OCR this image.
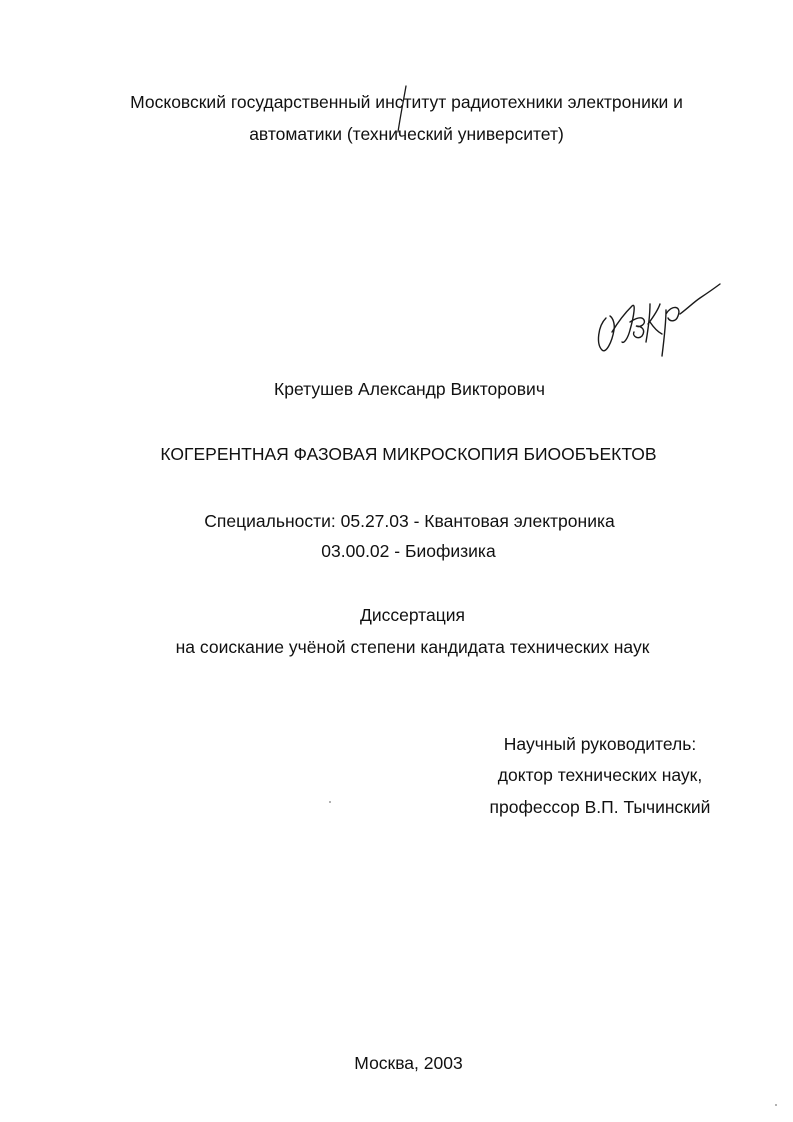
Московский государственный институт радиотехники электроники и
автоматики (технический университет)
Кретушев Александр Викторович
КОГЕРЕНТНАЯ ФАЗОВАЯ МИКРОСКОПИЯ БИООБЪЕКТОВ
Специальности: 05.27.03 - Квантовая электроника
03.00.02 - Биофизика
Диссертация
на соискание учёной степени кандидата технических наук
Научный руководитель:
доктор технических наук,
профессор В.П. Тычинский
Москва, 2003
